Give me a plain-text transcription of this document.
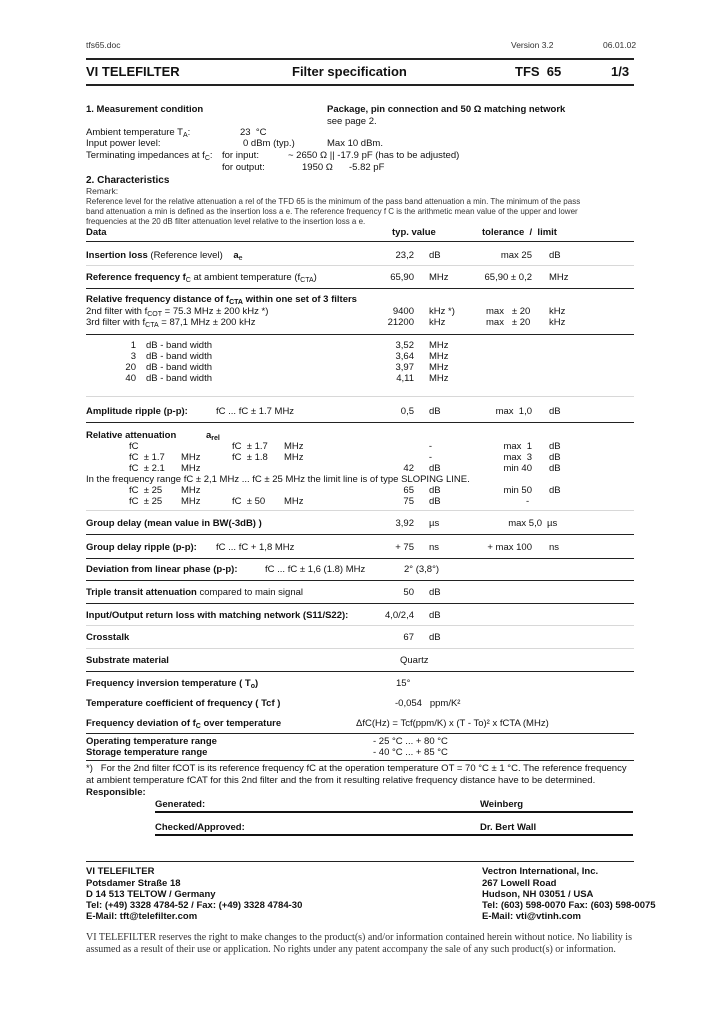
tfs65.doc	Version 3.2	06.01.02
VI TELEFILTER	Filter specification	TFS  65	1/3
1. Measurement condition	Package, pin connection and 50 Ω matching network
see page 2.
Ambient temperature $T_A$:	23  °C
Input power level:	0 dBm (typ.)	Max 10 dBm.
Terminating impedances at $f_C$: for input:	~ 2650 Ω || -17.9 pF (has to be adjusted)
for output:	1950 Ω -5.82 pF
2. Characteristics
Remark:
Reference level for the relative attenuation a rel of the TFD 65 is the minimum of the pass band attenuation a min. The minimum of the pass
band attenuation a min is defined as the insertion loss a e. The reference frequency f C is the arithmetic mean value of the upper and lower
frequencies at the 20 dB filter attenuation level relative to the insertion loss a e.
Data	typ. value	tolerance  /  limit
Insertion loss (Reference level) $a_e$	23,2 dB	max 25 dB
Reference frequency $f_C$ at ambient temperature $(f_{CTA})$	65,90 MHz	65,90 ± 0,2 MHz
Relative frequency distance of $f_{CTA}$ within one set of 3 filters
2nd filter with $f_{COT} = 75.3$ MHz ± 200 kHz *)	9400 kHz *)	max   ± 20 kHz
3rd filter with $f_{CTA} = 87,1$ MHz ± 200 kHz	21200 kHz	max   ± 20 kHz
1 dB - band width	3,52 MHz
3 dB - band width	3,64 MHz
20 dB - band width	3,97 MHz
40 dB - band width	4,11 MHz
Amplitude ripple (p-p):	fC ... fC ± 1.7 MHz	0,5 dB	max  1,0 dB
Relative attenuation	$a_{rel}$
fC	fC  ± 1.7 MHz	-	max  1 dB
fC  ± 1.7 MHz	fC  ± 1.8 MHz	-	max  3 dB
fC  ± 2.1 MHz	42 dB	min 40 dB
In the frequency range fC ± 2,1 MHz ... fC ± 25 MHz the limit line is of type SLOPING LINE.
fC  ± 25 MHz	65 dB	min 50 dB
fC  ± 25 MHz	fC  ± 50 MHz	75 dB	-
Group delay (mean value in BW(-3dB) )	3,92 µs	max 5,0 µs
Group delay ripple (p-p): fC ... fC + 1,8 MHz	+ 75 ns	+ max 100 ns
Deviation from linear phase (p-p):	fC ... fC ± 1,6 (1.8) MHz	2° (3,8°)
Triple transit attenuation compared to main signal	50 dB
Input/Output return loss with matching network (S11/S22):	4,0/2,4 dB
Crosstalk	67 dB
Substrate material	Quartz
Frequency inversion temperature ( $T_o$)	15°
Temperature coefficient of frequency ( Tcf )	-0,054   ppm/K²
Frequency deviation of $f_C$ over temperature	ΔfC(Hz) = Tcf(ppm/K) x (T - To)² x fCTA (MHz)
Operating temperature range	- 25 °C ... + 80 °C
Storage temperature range	- 40 °C ... + 85 °C
*)   For the 2nd filter fCOT is its reference frequency fC at the operation temperature OT = 70 °C ± 1 °C. The reference frequency
at ambient temperature fCAT for this 2nd filter and the from it resulting relative frequency distance have to be determined.
Responsible:
Generated:	Weinberg
Checked/Approved:	Dr. Bert Wall
VI TELEFILTER
Potsdamer Straße 18
D 14 513 TELTOW / Germany
Tel: (+49) 3328 4784-52 / Fax: (+49) 3328 4784-30
E-Mail: tft@telefilter.com
Vectron International, Inc.
267 Lowell Road
Hudson, NH 03051 / USA
Tel: (603) 598-0070 Fax: (603) 598-0075
E-Mail: vti@vtinh.com
VI TELEFILTER reserves the right to make changes to the product(s) and/or information contained herein without notice. No liability is
assumed as a result of their use or application. No rights under any patent accompany the sale of any such product(s) or information.
